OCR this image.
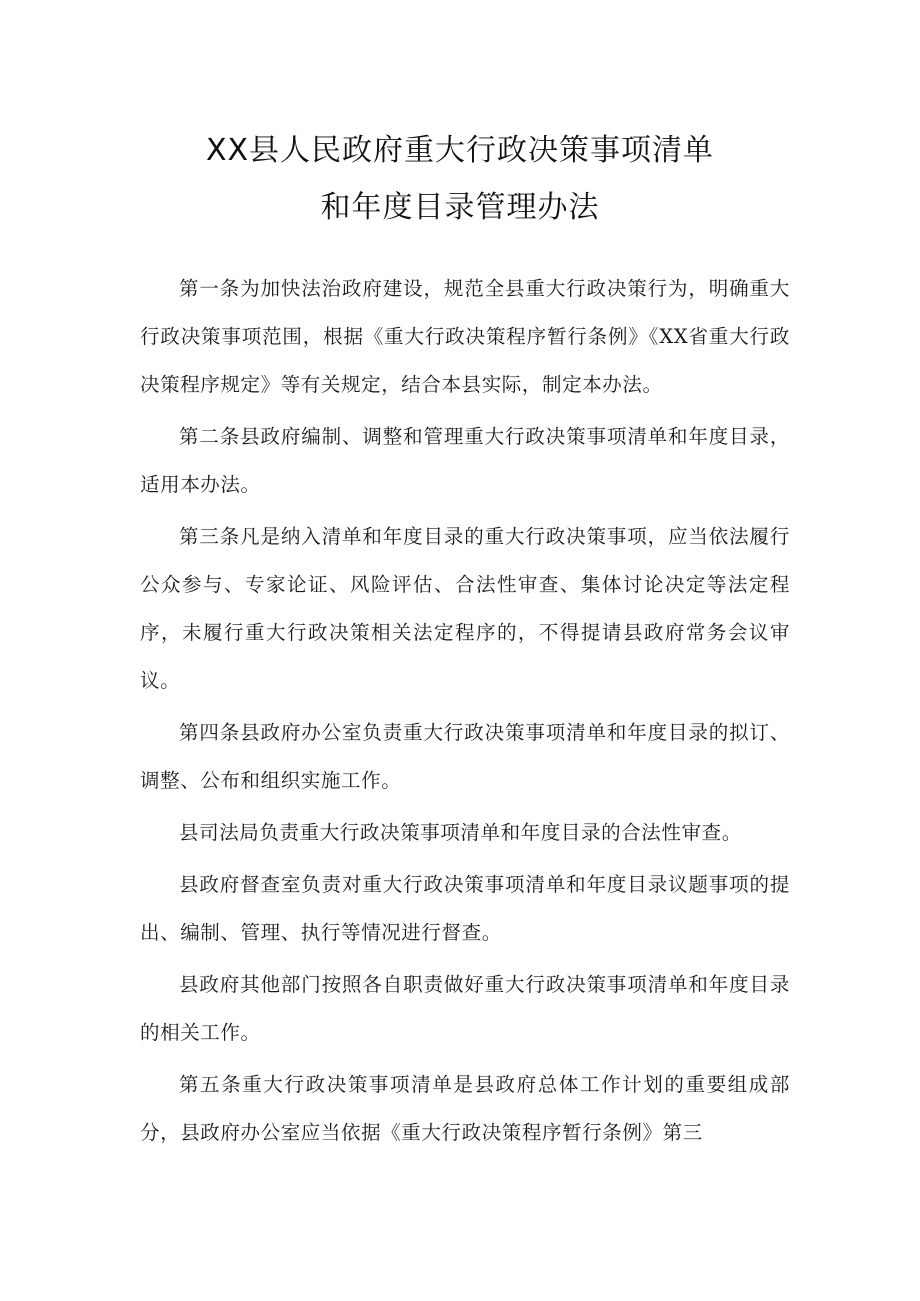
XX县人民政府重大行政决策事项清单
和年度目录管理办法

第一条为加快法治政府建设，规范全县重大行政决策行为，明确重大行政决策事项范围，根据《重大行政决策程序暂行条例》《XX省重大行政决策程序规定》等有关规定，结合本县实际，制定本办法。

第二条县政府编制、调整和管理重大行政决策事项清单和年度目录，适用本办法。

第三条凡是纳入清单和年度目录的重大行政决策事项，应当依法履行公众参与、专家论证、风险评估、合法性审查、集体讨论决定等法定程序，未履行重大行政决策相关法定程序的，不得提请县政府常务会议审议。

第四条县政府办公室负责重大行政决策事项清单和年度目录的拟订、调整、公布和组织实施工作。

县司法局负责重大行政决策事项清单和年度目录的合法性审查。

县政府督查室负责对重大行政决策事项清单和年度目录议题事项的提出、编制、管理、执行等情况进行督查。

县政府其他部门按照各自职责做好重大行政决策事项清单和年度目录的相关工作。

第五条重大行政决策事项清单是县政府总体工作计划的重要组成部分，县政府办公室应当依据《重大行政决策程序暂行条例》第三
